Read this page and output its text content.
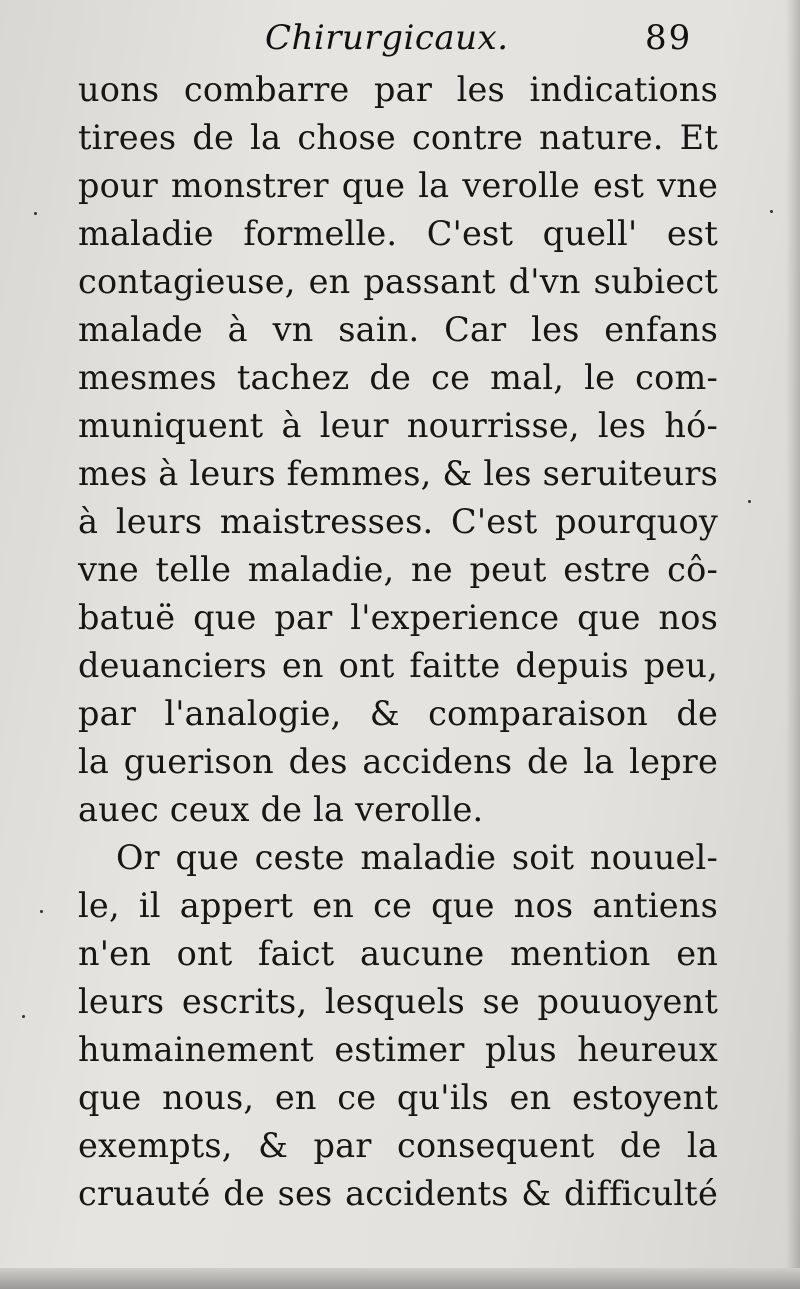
Chirurgicaux.	89
uons combarre par les indications
tirees de la chose contre nature. Et
pour monstrer que la verolle est vne
maladie formelle. C'est quell' est
contagieuse, en passant d'vn subiect
malade à vn sain. Car les enfans
mesmes tachez de ce mal, le com-
muniquent à leur nourrisse, les hó-
mes à leurs femmes, & les seruiteurs
à leurs maistresses. C'est pourquoy
vne telle maladie, ne peut estre cô-
batuë que par l'experience que nos
deuanciers en ont faitte depuis peu,
par l'analogie, & comparaison de
la guerison des accidens de la lepre
auec ceux de la verolle.
Or que ceste maladie soit nouuel-
le, il appert en ce que nos antiens
n'en ont faict aucune mention en
leurs escrits, lesquels se pouuoyent
humainement estimer plus heureux
que nous, en ce qu'ils en estoyent
exempts, & par consequent de la
cruauté de ses accidents & difficulté
